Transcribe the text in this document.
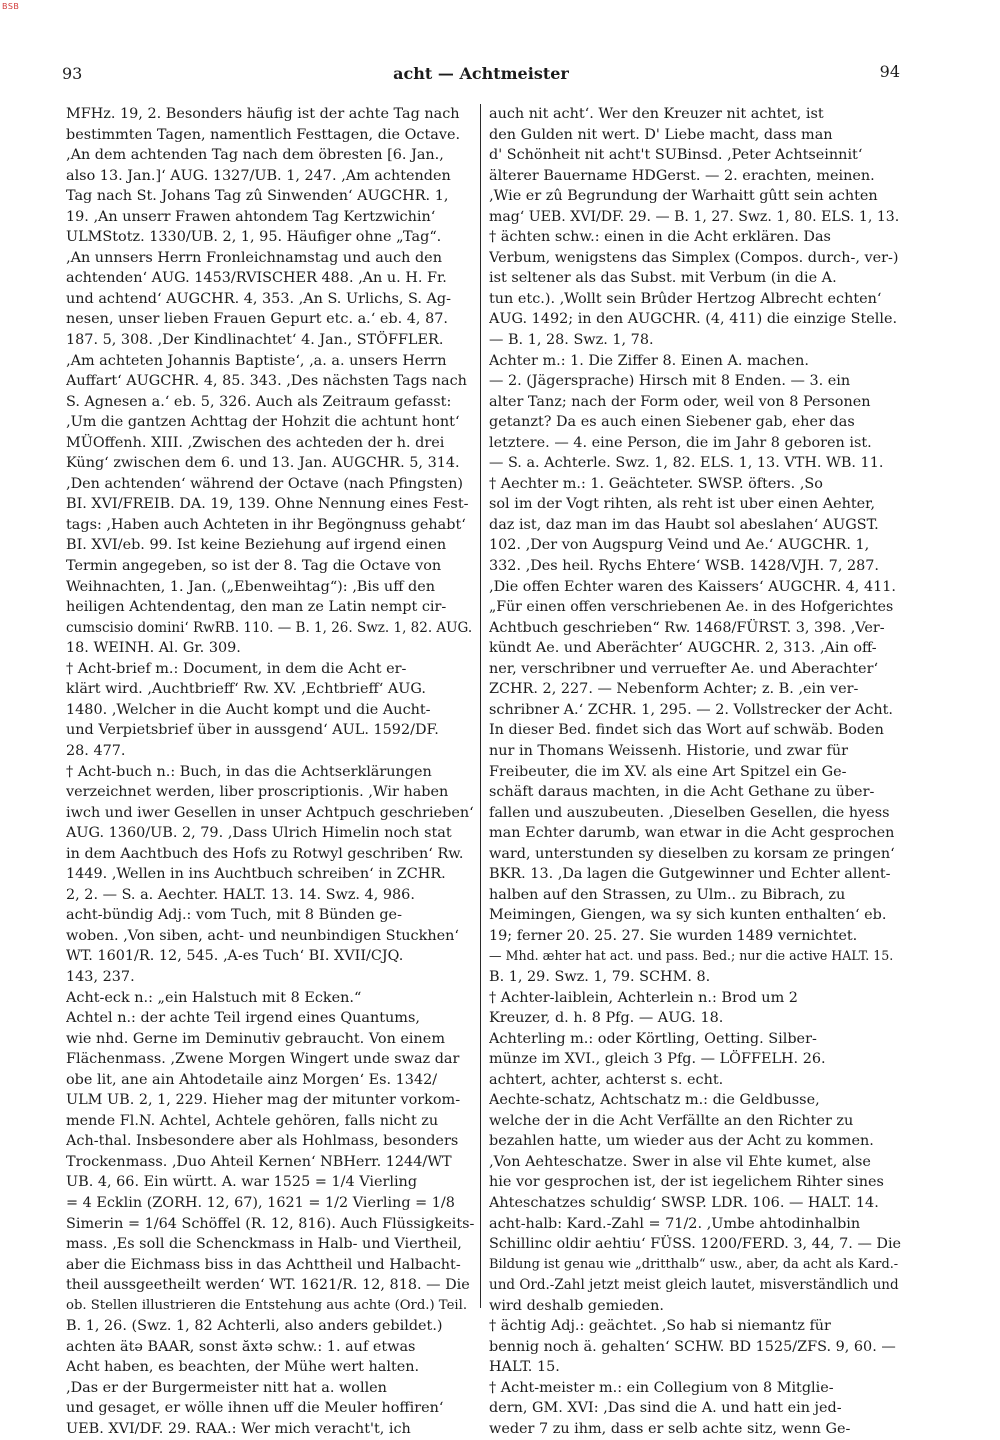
BSB
93	acht — Achtmeister	94
MFHz. 19, 2. Besonders häufig ist der achte Tag nach
bestimmten Tagen, namentlich Festtagen, die Octave.
‚An dem achtenden Tag nach dem öbresten [6. Jan.,
also 13. Jan.]‘ AUG. 1327/UB. 1, 247. ‚Am achtenden
Tag nach St. Johans Tag zû Sinwenden‘ AUGCHR. 1,
19. ‚An unserr Frawen ahtondem Tag Kertzwichin‘
ULMStotz. 1330/UB. 2, 1, 95. Häufiger ohne „Tag“.
‚An unnsers Herrn Fronleichnamstag und auch den
achtenden‘ AUG. 1453/RVISCHER 488. ‚An u. H. Fr.
und achtend‘ AUGCHR. 4, 353. ‚An S. Urlichs, S. Ag-
nesen, unser lieben Frauen Gepurt etc. a.‘ eb. 4, 87.
187. 5, 308. ‚Der Kindlinachtet‘ 4. Jan., STÖFFLER.
‚Am achteten Johannis Baptiste‘, ‚a. a. unsers Herrn
Auffart‘ AUGCHR. 4, 85. 343. ‚Des nächsten Tags nach
S. Agnesen a.‘ eb. 5, 326. Auch als Zeitraum gefasst:
‚Um die gantzen Achttag der Hohzit die achtunt hont‘
MÜOffenh. XIII. ‚Zwischen des achteden der h. drei
Küng‘ zwischen dem 6. und 13. Jan. AUGCHR. 5, 314.
‚Den achtenden‘ während der Octave (nach Pfingsten)
BI. XVI/FREIB. DA. 19, 139. Ohne Nennung eines Fest-
tags: ‚Haben auch Achteten in ihr Begöngnuss gehabt‘
BI. XVI/eb. 99. Ist keine Beziehung auf irgend einen
Termin angegeben, so ist der 8. Tag die Octave von
Weihnachten, 1. Jan. („Ebenweihtag“): ‚Bis uff den
heiligen Achtendentag, den man ze Latin nempt cir-
cumscisio domini‘ RwRB. 110. — B. 1, 26. Swz. 1, 82. AUG.
18. WEINH. Al. Gr. 309.
† Acht-brief m.: Document, in dem die Acht er-
klärt wird. ‚Auchtbrieff‘ Rw. XV. ‚Echtbrieff‘ AUG.
1480. ‚Welcher in die Aucht kompt und die Aucht-
und Verpietsbrief über in aussgend‘ AUL. 1592/DF.
28. 477.
† Acht-buch n.: Buch, in das die Achtserklärungen
verzeichnet werden, liber proscriptionis. ‚Wir haben
iwch und iwer Gesellen in unser Achtpuch geschrieben‘
AUG. 1360/UB. 2, 79. ‚Dass Ulrich Himelin noch stat
in dem Aachtbuch des Hofs zu Rotwyl geschriben‘ Rw.
1449. ‚Wellen in ins Auchtbuch schreiben‘ in ZCHR.
2, 2. — S. a. Aechter. HALT. 13. 14. Swz. 4, 986.
acht-bündig Adj.: vom Tuch, mit 8 Bünden ge-
woben. ‚Von siben, acht- und neunbindigen Stuckhen‘
WT. 1601/R. 12, 545. ‚A-es Tuch‘ BI. XVII/CJQ.
143, 237.
Acht-eck n.: „ein Halstuch mit 8 Ecken.“
Achtel n.: der achte Teil irgend eines Quantums,
wie nhd. Gerne im Deminutiv gebraucht. Von einem
Flächenmass. ‚Zwene Morgen Wingert unde swaz dar
obe lit, ane ain Ahtodetaile ainz Morgen‘ Es. 1342/
ULM UB. 2, 1, 229. Hieher mag der mitunter vorkom-
mende Fl.N. Achtel, Achtele gehören, falls nicht zu
Ach-thal. Insbesondere aber als Hohlmass, besonders
Trockenmass. ‚Duo Ahteil Kernen‘ NBHerr. 1244/WT
UB. 4, 66. Ein württ. A. war 1525 = 1/4 Vierling
= 4 Ecklin (ZORH. 12, 67), 1621 = 1/2 Vierling = 1/8
Simerin = 1/64 Schöffel (R. 12, 816). Auch Flüssigkeits-
mass. ‚Es soll die Schenckmass in Halb- und Viertheil,
aber die Eichmass biss in das Achttheil und Halbacht-
theil aussgeetheilt werden‘ WT. 1621/R. 12, 818. — Die
ob. Stellen illustrieren die Entstehung aus achte (Ord.) Teil.
B. 1, 26. (Swz. 1, 82 Achterli, also anders gebildet.)
achten ätə BAAR, sonst ăxtə schw.: 1. auf etwas
Acht haben, es beachten, der Mühe wert halten.
‚Das er der Burgermeister nitt hat a. wollen
und gesaget, er wölle ihnen uff die Meuler hoffiren‘
UEB. XVI/DF. 29. RAA.: Wer mich veracht't, ich
auch nit acht‘. Wer den Kreuzer nit achtet, ist
den Gulden nit wert. D' Liebe macht, dass man
d' Schönheit nit acht't SUBinsd. ‚Peter Achtseinnit‘
älterer Bauername HDGerst. — 2. erachten, meinen.
‚Wie er zû Begrundung der Warhaitt gûtt sein achten
mag‘ UEB. XVI/DF. 29. — B. 1, 27. Swz. 1, 80. ELS. 1, 13.
† ächten schw.: einen in die Acht erklären. Das
Verbum, wenigstens das Simplex (Compos. durch-, ver-)
ist seltener als das Subst. mit Verbum (in die A.
tun etc.). ‚Wollt sein Brûder Hertzog Albrecht echten‘
AUG. 1492; in den AUGCHR. (4, 411) die einzige Stelle.
— B. 1, 28. Swz. 1, 78.
Achter m.: 1. Die Ziffer 8. Einen A. machen.
— 2. (Jägersprache) Hirsch mit 8 Enden. — 3. ein
alter Tanz; nach der Form oder, weil von 8 Personen
getanzt? Da es auch einen Siebener gab, eher das
letztere. — 4. eine Person, die im Jahr 8 geboren ist.
— S. a. Achterle. Swz. 1, 82. ELS. 1, 13. VTH. WB. 11.
† Aechter m.: 1. Geächteter. SWSP. öfters. ‚So
sol im der Vogt rihten, als reht ist uber einen Aehter,
daz ist, daz man im das Haubt sol abeslahen‘ AUGST.
102. ‚Der von Augspurg Veind und Ae.‘ AUGCHR. 1,
332. ‚Des heil. Rychs Ehtere‘ WSB. 1428/VJH. 7, 287.
‚Die offen Echter waren des Kaissers‘ AUGCHR. 4, 411.
„Für einen offen verschriebenen Ae. in des Hofgerichtes
Achtbuch geschrieben“ Rw. 1468/FÜRST. 3, 398. ‚Ver-
kündt Ae. und Aberächter‘ AUGCHR. 2, 313. ‚Ain off-
ner, verschribner und verruefter Ae. und Aberachter‘
ZCHR. 2, 227. — Nebenform Achter; z. B. ‚ein ver-
schribner A.‘ ZCHR. 1, 295. — 2. Vollstrecker der Acht.
In dieser Bed. findet sich das Wort auf schwäb. Boden
nur in Thomans Weissenh. Historie, und zwar für
Freibeuter, die im XV. als eine Art Spitzel ein Ge-
schäft daraus machten, in die Acht Gethane zu über-
fallen und auszubeuten. ‚Dieselben Gesellen, die hyess
man Echter darumb, wan etwar in die Acht gesprochen
ward, unterstunden sy dieselben zu korsam ze pringen‘
BKR. 13. ‚Da lagen die Gutgewinner und Echter allent-
halben auf den Strassen, zu Ulm.. zu Bibrach, zu
Meimingen, Giengen, wa sy sich kunten enthalten‘ eb.
19; ferner 20. 25. 27. Sie wurden 1489 vernichtet.
— Mhd. æhter hat act. und pass. Bed.; nur die active HALT. 15.
B. 1, 29. Swz. 1, 79. SCHM. 8.
† Achter-laiblein, Achterlein n.: Brod um 2
Kreuzer, d. h. 8 Pfg. — AUG. 18.
Achterling m.: oder Körtling, Oetting. Silber-
münze im XVI., gleich 3 Pfg. — LÖFFELH. 26.
achtert, achter, achterst s. echt.
Aechte-schatz, Achtschatz m.: die Geldbusse,
welche der in die Acht Verfällte an den Richter zu
bezahlen hatte, um wieder aus der Acht zu kommen.
‚Von Aehteschatze. Swer in alse vil Ehte kumet, alse
hie vor gesprochen ist, der ist iegelichem Rihter sines
Ahteschatzes schuldig‘ SWSP. LDR. 106. — HALT. 14.
acht-halb: Kard.-Zahl = 71/2. ‚Umbe ahtodinhalbin
Schillinc oldir aehtiu‘ FÜSS. 1200/FERD. 3, 44, 7. — Die
Bildung ist genau wie „dritthalb“ usw., aber, da acht als Kard.-
und Ord.-Zahl jetzt meist gleich lautet, misverständlich und
wird deshalb gemieden.
† ächtig Adj.: geächtet. ‚So hab si niemantz für
bennig noch ä. gehalten‘ SCHW. BD 1525/ZFS. 9, 60. —
HALT. 15.
† Acht-meister m.: ein Collegium von 8 Mitglie-
dern, GM. XVI: ‚Das sind die A. und hatt ein jed-
weder 7 zu ihm, dass er selb achte sitz, wenn Ge-
